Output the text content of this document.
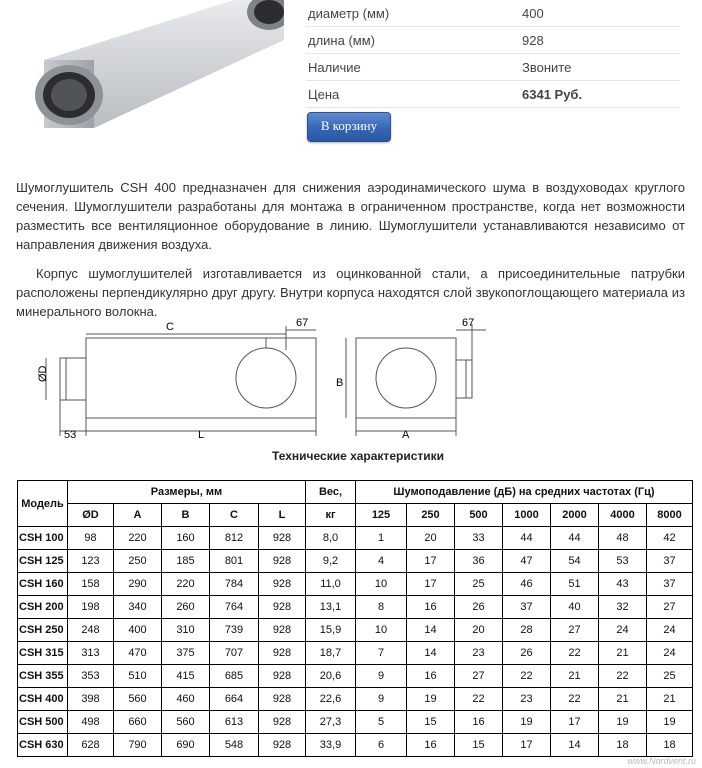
диаметр (мм)	400
длина (мм)	928
Наличие	Звоните
Цена	6341 Руб.
В корзину

Шумоглушитель CSH 400 предназначен для снижения аэродинамического шума в воздуховодах круглого сечения. Шумоглушители разработаны для монтажа в ограниченном пространстве, когда нет возможности разместить все вентиляционное оборудование в линию. Шумоглушители устанавливаются независимо от направления движения воздуха.

Корпус шумоглушителей изготавливается из оцинкованной стали, а присоединительные патрубки расположены перпендикулярно друг другу. Внутри корпуса находятся слой звукопоглощающего материала из минерального волокна.

C	67
ØD
53	L
B
A
67
Технические характеристики
Модель	Размеры, мм					Вес,	Шумоподавление (дБ) на средних частотах (Гц)						
	ØD	A	B	C	L	кг	125	250	500	1000	2000	4000	8000
CSH 100	98	220	160	812	928	8,0	1	20	33	44	44	48	42
CSH 125	123	250	185	801	928	9,2	4	17	36	47	54	53	37
CSH 160	158	290	220	784	928	11,0	10	17	25	46	51	43	37
CSH 200	198	340	260	764	928	13,1	8	16	26	37	40	32	27
CSH 250	248	400	310	739	928	15,9	10	14	20	28	27	24	24
CSH 315	313	470	375	707	928	18,7	7	14	23	26	22	21	24
CSH 355	353	510	415	685	928	20,6	9	16	27	22	21	22	25
CSH 400	398	560	460	664	928	22,6	9	19	22	23	22	21	21
CSH 500	498	660	560	613	928	27,3	5	15	16	19	17	19	19
CSH 630	628	790	690	548	928	33,9	6	16	15	17	14	18	18
www.Nordvent.ru
